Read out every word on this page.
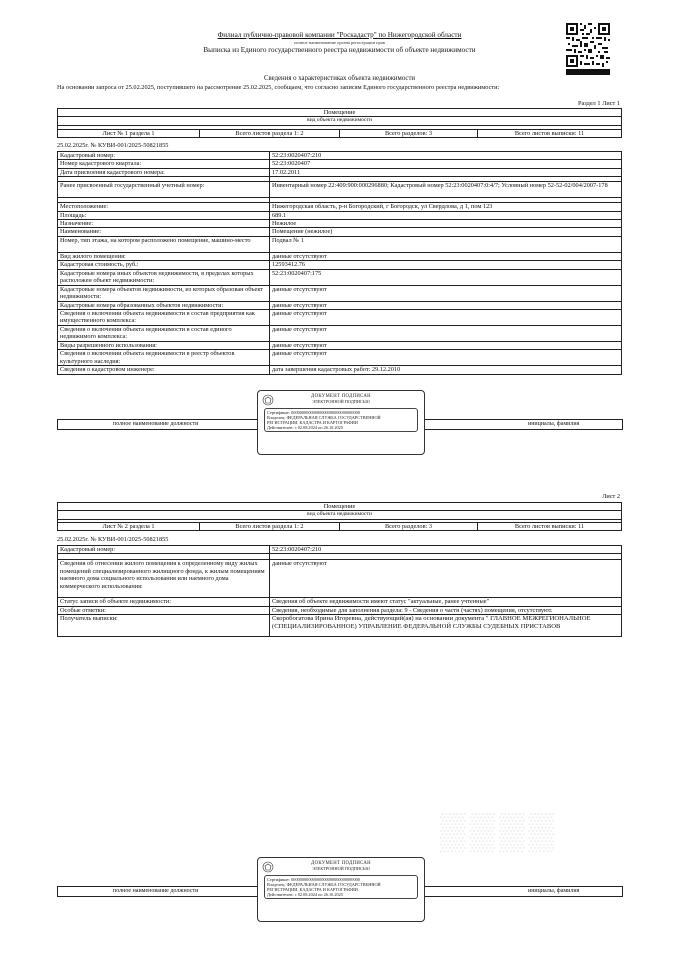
Филиал публично-правовой компании "Роскадастр" по Нижегородской области
полное наименование органа регистрации прав
Выписка из Единого государственного реестра недвижимости об объекте недвижимости
Сведения о характеристиках объекта недвижимости
На основании запроса от 25.02.2025, поступившего на рассмотрение 25.02.2025, сообщаем, что согласно записям Единого государственного реестра недвижимости:
Раздел 1 Лист 1
Помещение
вид объекта недвижимости

Лист № 1 раздела 1	Всего листов раздела 1: 2	Всего разделов: 3	Всего листов выписки: 11
25.02.2025г. № КУВИ-001/2025-50821855
Кадастровый номер:	52:23:0020407:210
Номер кадастрового квартала:	52:23:0020407
Дата присвоения кадастрового номера:	17.02.2011

Ранее присвоенный государственный учетный номер:	Инвентарный номер 22:409:900:000296880; Кадастровый номер 52:23:0020407:0:4/7; Условный номер 52-52-02/004/2007-178

Местоположение:	Нижегородская область, р-н Богородский, г Богородск, ул Свердлова, д 1, пом 123
Площадь:	689.1
Назначение:	Нежилое
Наименование:	Помещение (нежилое)
Номер, тип этажа, на котором расположено помещение, машино-место	Подвал № 1
Вид жилого помещения:	данные отсутствуют
Кадастровая стоимость, руб.:	12593412.76
Кадастровые номера иных объектов недвижимости, в пределах которых расположен объект недвижимости:	52:23:0020407:175
Кадастровые номера объектов недвижимости, из которых образован объект недвижимости:	данные отсутствуют
Кадастровые номера образованных объектов недвижимости:	данные отсутствуют
Сведения о включении объекта недвижимости в состав предприятия как имущественного комплекса:	данные отсутствуют
Сведения о включении объекта недвижимости в состав единого недвижимого комплекса:	данные отсутствуют
Виды разрешенного использования:	данные отсутствуют
Сведения о включении объекта недвижимости в реестр объектов культурного наследия:	данные отсутствуют
Сведения о кадастровом инженере:	дата завершения кадастровых работ: 29.12.2010
полное наименование должности	инициалы, фамилия
ДОКУМЕНТ ПОДПИСАН
ЭЛЕКТРОННОЙ ПОДПИСЬЮ
Сертификат: 00000000000000000000000000000000
Владелец: ФЕДЕРАЛЬНАЯ СЛУЖБА ГОСУДАРСТВЕННОЙ
РЕГИСТРАЦИИ, КАДАСТРА И КАРТОГРАФИИ
Действителен: с 02.08.2024 по 26.10.2025
Лист 2
Помещение
вид объекта недвижимости

Лист № 2 раздела 1	Всего листов раздела 1: 2	Всего разделов: 3	Всего листов выписки: 11
25.02.2025г. № КУВИ-001/2025-50821855
Кадастровый номер:	52:23:0020407:210

Сведения об отнесении жилого помещения к определенному виду жилых помещений специализированного жилищного фонда, к жилым помещениям наемного дома социального использования или наемного дома коммерческого использования:	данные отсутствуют
Статус записи об объекте недвижимости:	Сведения об объекте недвижимости имеют статус "актуальные, ранее учтенные"
Особые отметки:	Сведения, необходимые для заполнения раздела: 9 - Сведения о части (частях) помещения, отсутствуют.
Получатель выписки:	Скоробогатова Ирина Игоревна, действующий(ая) на основании документа " ГЛАВНОЕ МЕЖРЕГИОНАЛЬНОЕ (СПЕЦИАЛИЗИРОВАННОЕ) УПРАВЛЕНИЕ ФЕДЕРАЛЬНОЙ СЛУЖБЫ СУДЕБНЫХ ПРИСТАВОВ
▒▒▒▒
полное наименование должности	инициалы, фамилия
ДОКУМЕНТ ПОДПИСАН
ЭЛЕКТРОННОЙ ПОДПИСЬЮ
Сертификат: 00000000000000000000000000000000
Владелец: ФЕДЕРАЛЬНАЯ СЛУЖБА ГОСУДАРСТВЕННОЙ
РЕГИСТРАЦИИ, КАДАСТРА И КАРТОГРАФИИ
Действителен: с 02.08.2024 по 26.10.2025
